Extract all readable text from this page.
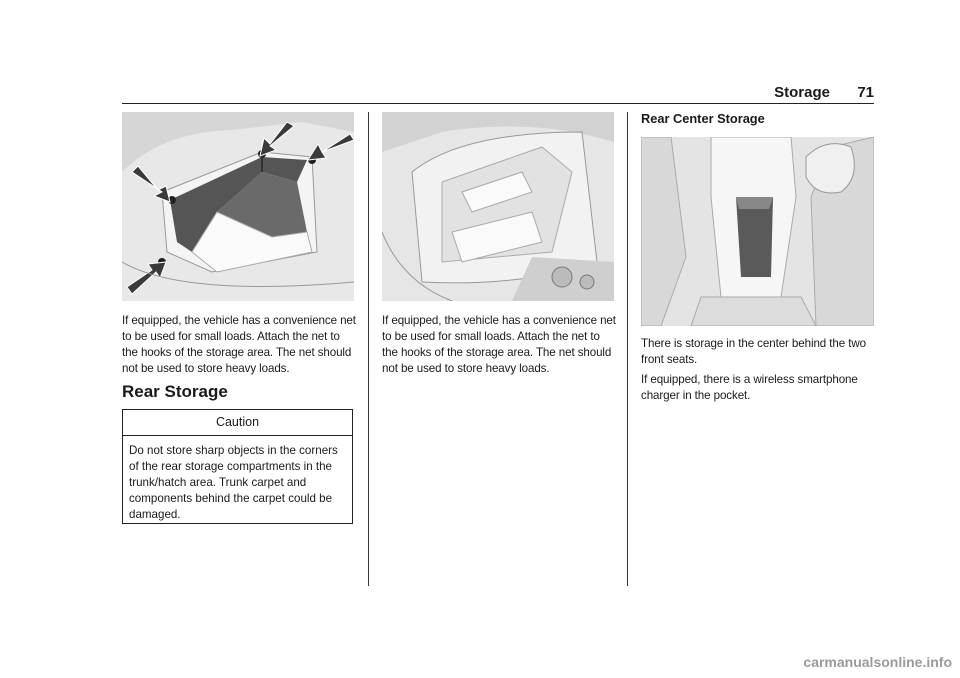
Storage 71

If equipped, the vehicle has a convenience net to be used for small loads. Attach the net to the hooks of the storage area. The net should not be used to store heavy loads.

Rear Storage
Caution
Do not store sharp objects in the corners of the rear storage compartments in the trunk/hatch area. Trunk carpet and components behind the carpet could be damaged.

If equipped, the vehicle has a convenience net to be used for small loads. Attach the net to the hooks of the storage area. The net should not be used to store heavy loads.

Rear Center Storage

There is storage in the center behind the two front seats.

If equipped, there is a wireless smartphone charger in the pocket.

carmanualsonline.info
